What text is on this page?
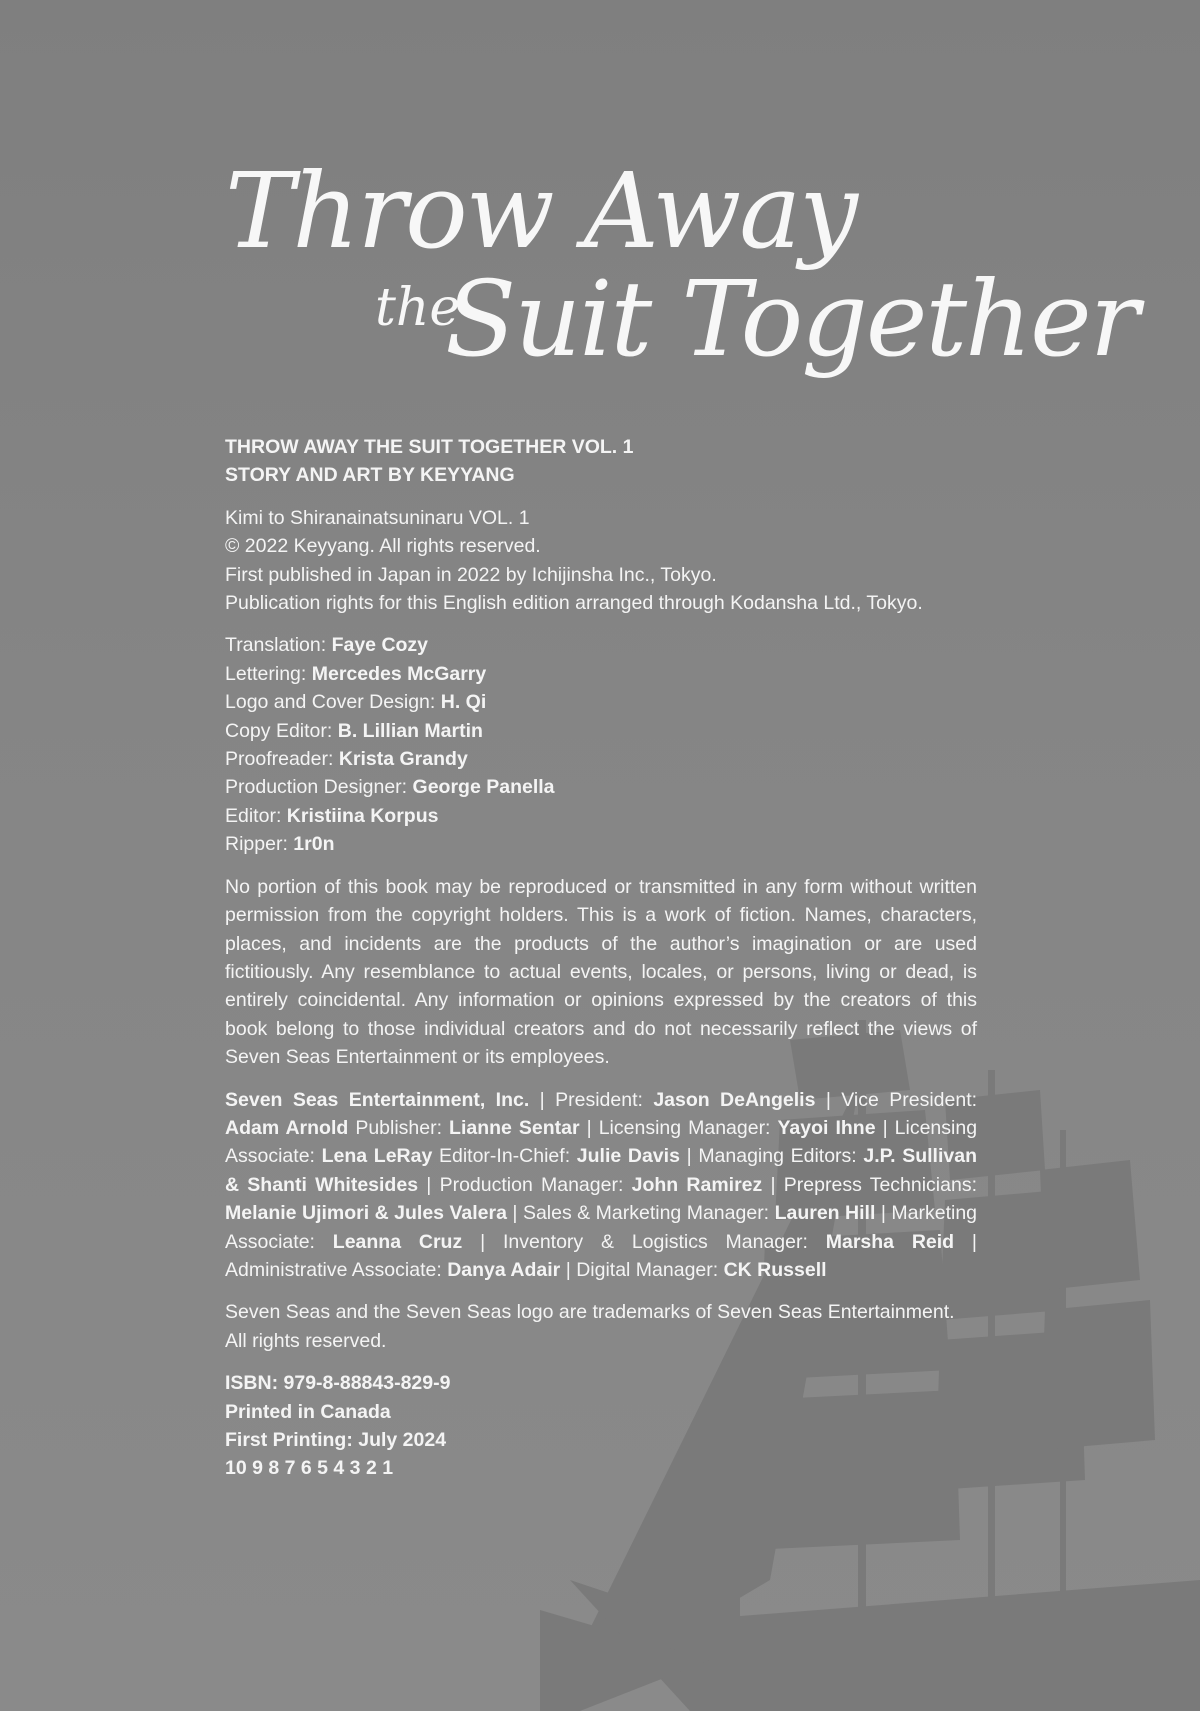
Throw Away
the
Suit Together

THROW AWAY THE SUIT TOGETHER VOL. 1
STORY AND ART BY KEYYANG

Kimi to Shiranainatsuninaru VOL. 1
© 2022 Keyyang. All rights reserved.
First published in Japan in 2022 by Ichijinsha Inc., Tokyo.
Publication rights for this English edition arranged through Kodansha Ltd., Tokyo.

Translation: Faye Cozy
Lettering: Mercedes McGarry
Logo and Cover Design: H. Qi
Copy Editor: B. Lillian Martin
Proofreader: Krista Grandy
Production Designer: George Panella
Editor: Kristiina Korpus
Ripper: 1r0n

No portion of this book may be reproduced or transmitted in any form without written permission from the copyright holders. This is a work of fiction. Names, characters, places, and incidents are the products of the author’s imagination or are used fictitiously. Any resemblance to actual events, locales, or persons, living or dead, is entirely coincidental. Any information or opinions expressed by the creators of this book belong to those individual creators and do not necessarily reflect the views of Seven Seas Entertainment or its employees.

Seven Seas Entertainment, Inc. | President: Jason DeAngelis | Vice President: Adam Arnold Publisher: Lianne Sentar | Licensing Manager: Yayoi Ihne | Licensing Associate: Lena LeRay Editor-In-Chief: Julie Davis | Managing Editors: J.P. Sullivan & Shanti Whitesides | Production Manager: John Ramirez | Prepress Technicians: Melanie Ujimori & Jules Valera | Sales & Marketing Manager: Lauren Hill | Marketing Associate: Leanna Cruz | Inventory & Logistics Manager: Marsha Reid | Administrative Associate: Danya Adair | Digital Manager: CK Russell

Seven Seas and the Seven Seas logo are trademarks of Seven Seas Entertainment.
All rights reserved.

ISBN: 979-8-88843-829-9
Printed in Canada
First Printing: July 2024
10 9 8 7 6 5 4 3 2 1
